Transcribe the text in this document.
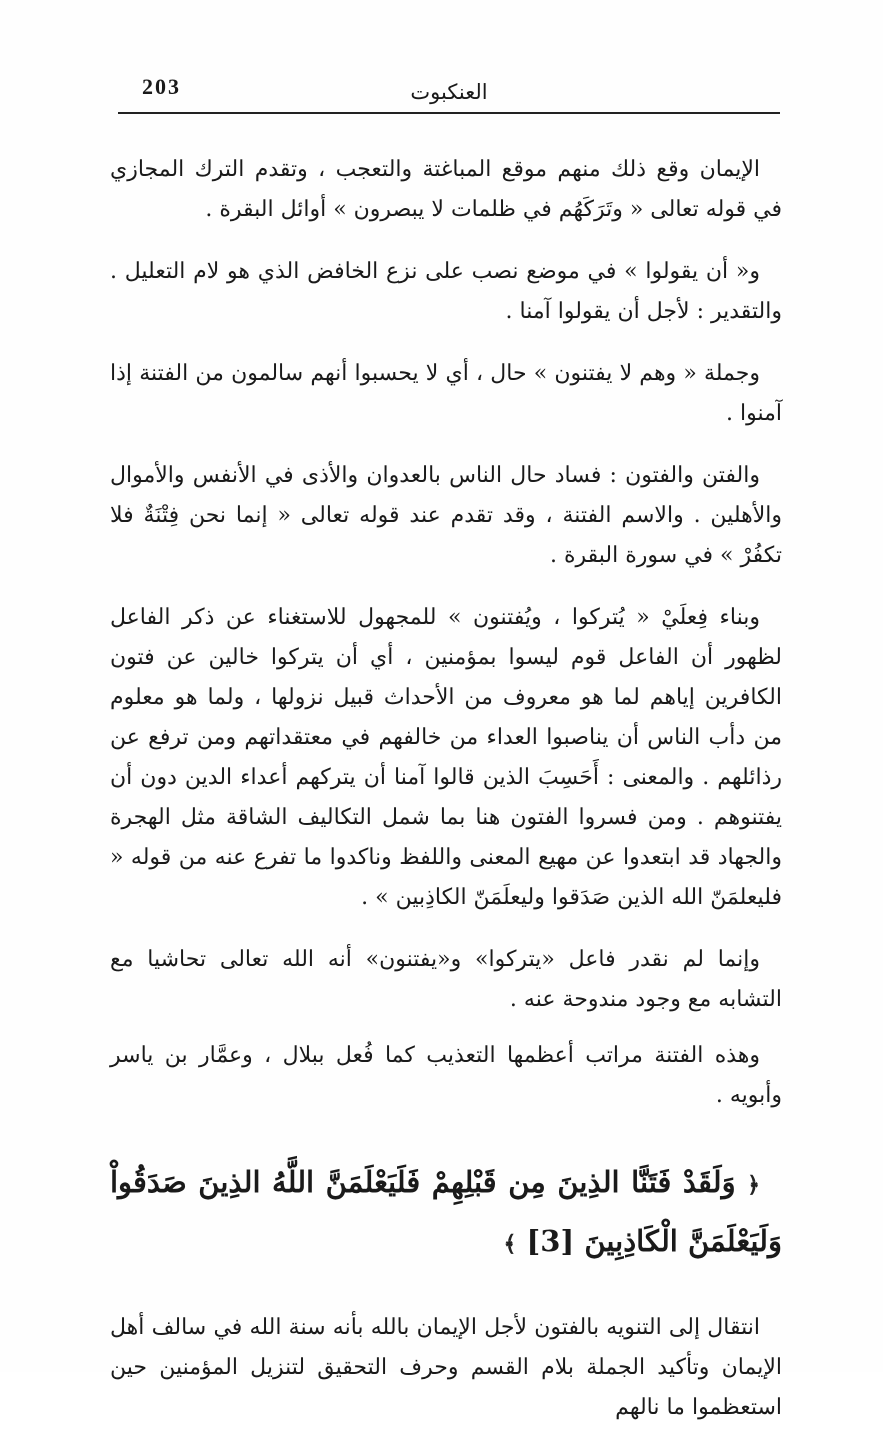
203	العنكبوت

الإيمان وقع ذلك منهم موقع المباغتة والتعجب ، وتقدم الترك المجازي في قوله تعالى « وتَرَكَهُم في ظلمات لا يبصرون » أوائل البقرة .

و« أن يقولوا » في موضع نصب على نزع الخافض الذي هو لام التعليل . والتقدير : لأجل أن يقولوا آمنا .

وجملة « وهم لا يفتنون » حال ، أي لا يحسبوا أنهم سالمون من الفتنة إذا آمنوا .

والفتن والفتون : فساد حال الناس بالعدوان والأذى في الأنفس والأموال والأهلين . والاسم الفتنة ، وقد تقدم عند قوله تعالى « إنما نحن فِتْنَةٌ فلا تكفُرْ » في سورة البقرة .

وبناء فِعلَيْ « يُتركوا ، ويُفتنون » للمجهول للاستغناء عن ذكر الفاعل لظهور أن الفاعل قوم ليسوا بمؤمنين ، أي أن يتركوا خالين عن فتون الكافرين إياهم لما هو معروف من الأحداث قبيل نزولها ، ولما هو معلوم من دأب الناس أن يناصبوا العداء من خالفهم في معتقداتهم ومن ترفع عن رذائلهم . والمعنى : أَحَسِبَ الذين قالوا آمنا أن يتركهم أعداء الدين دون أن يفتنوهم . ومن فسروا الفتون هنا بما شمل التكاليف الشاقة مثل الهجرة والجهاد قد ابتعدوا عن مهيع المعنى واللفظ وناكدوا ما تفرع عنه من قوله « فليعلمَنّ الله الذين صَدَقوا وليعلَمَنّ الكاذِبين » .

وإنما لم نقدر فاعل «يتركوا» و«يفتنون» أنه الله تعالى تحاشيا مع التشابه مع وجود مندوحة عنه .

وهذه الفتنة مراتب أعظمها التعذيب كما فُعل ببلال ، وعمَّار بن ياسر وأبويه .

﴿ وَلَقَدْ فَتَنَّا الذِينَ مِن قَبْلِهِمْ فَلَيَعْلَمَنَّ اللَّهُ الذِينَ صَدَقُواْ وَلَيَعْلَمَنَّ الْكَاذِبِينَ [3] ﴾

انتقال إلى التنويه بالفتون لأجل الإيمان بالله بأنه سنة الله في سالف أهل الإيمان وتأكيد الجملة بلام القسم وحرف التحقيق لتنزيل المؤمنين حين استعظموا ما نالهم
